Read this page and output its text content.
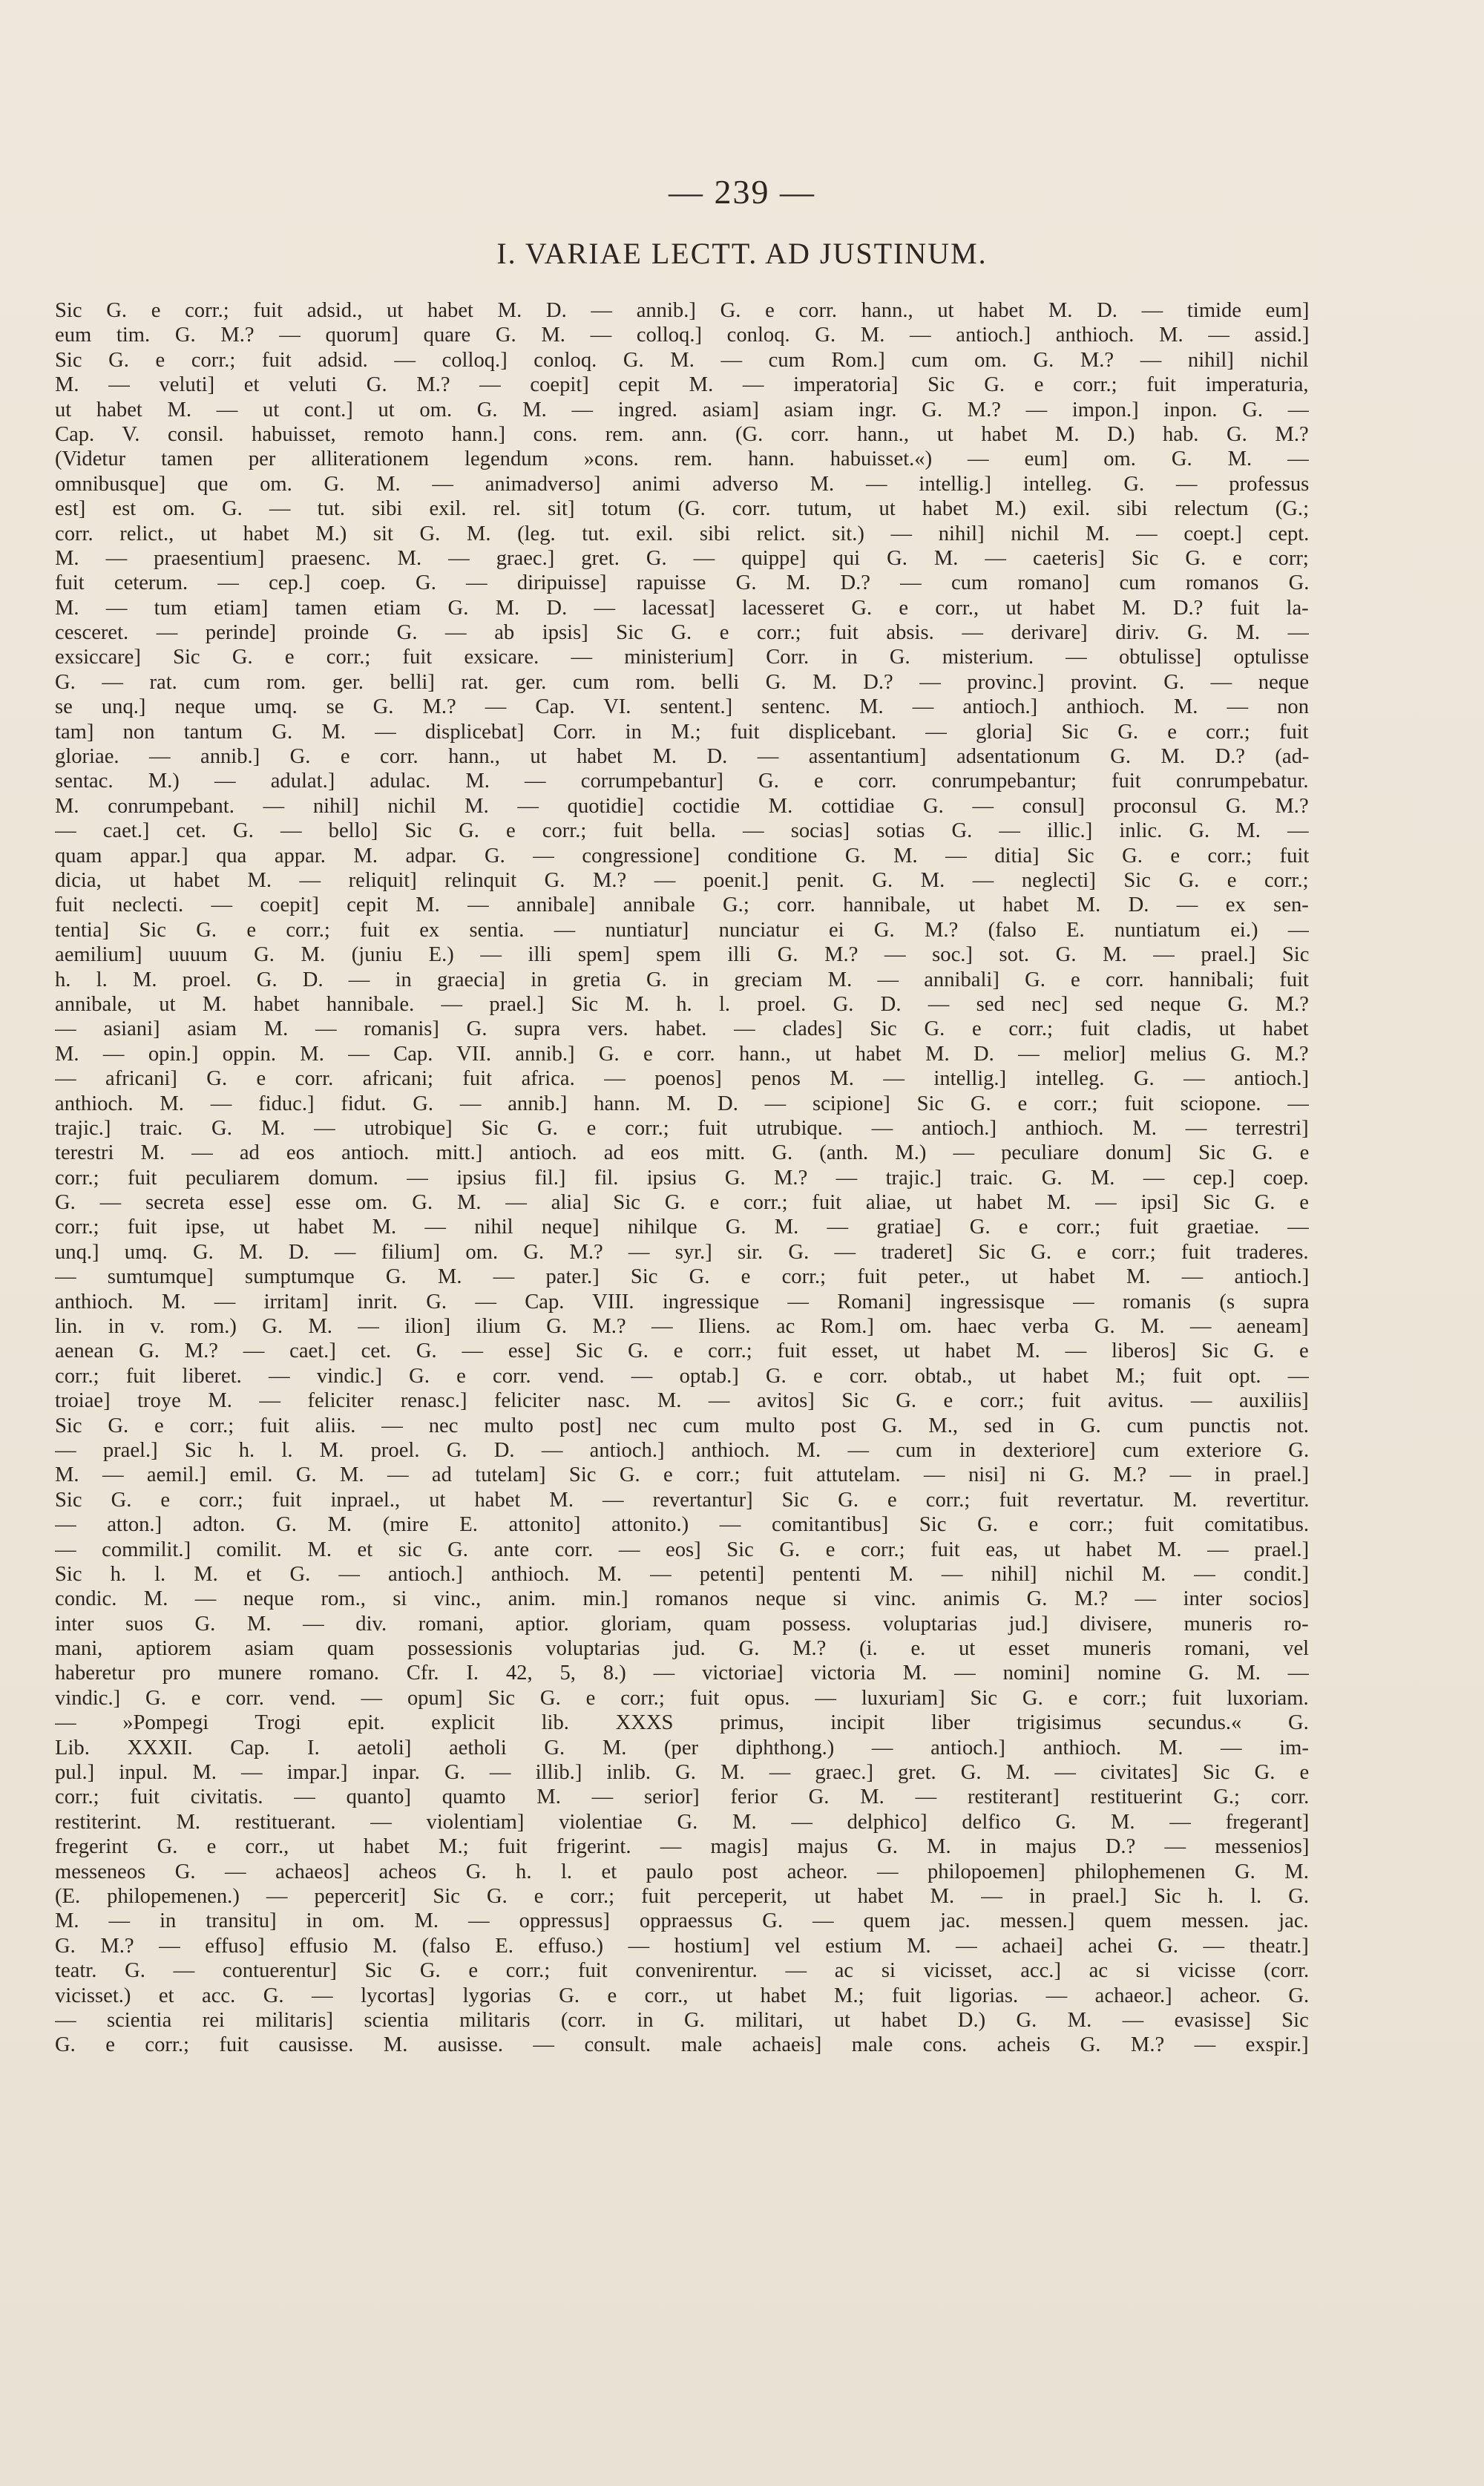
— 239 —
I. VARIAE LECTT. AD JUSTINUM.
Sic G. e corr.; fuit adsid., ut habet M. D. — annib.] G. e corr. hann., ut habet M. D. — timide eum]
eum tim. G. M.? — quorum] quare G. M. — colloq.] conloq. G. M. — antioch.] anthioch. M. — assid.]
Sic G. e corr.; fuit adsid. — colloq.] conloq. G. M. — cum Rom.] cum om. G. M.? — nihil] nichil
M. — veluti] et veluti G. M.? — coepit] cepit M. — imperatoria] Sic G. e corr.; fuit imperaturia,
ut habet M. — ut cont.] ut om. G. M. — ingred. asiam] asiam ingr. G. M.? — impon.] inpon. G. —
Cap. V. consil. habuisset, remoto hann.] cons. rem. ann. (G. corr. hann., ut habet M. D.) hab. G. M.?
(Videtur tamen per alliterationem legendum »cons. rem. hann. habuisset.«) — eum] om. G. M. —
omnibusque] que om. G. M. — animadverso] animi adverso M. — intellig.] intelleg. G. — professus
est] est om. G. — tut. sibi exil. rel. sit] totum (G. corr. tutum, ut habet M.) exil. sibi relectum (G.;
corr. relict., ut habet M.) sit G. M. (leg. tut. exil. sibi relict. sit.) — nihil] nichil M. — coept.] cept.
M. — praesentium] praesenc. M. — graec.] gret. G. — quippe] qui G. M. — caeteris] Sic G. e corr;
fuit ceterum. — cep.] coep. G. — diripuisse] rapuisse G. M. D.? — cum romano] cum romanos G.
M. — tum etiam] tamen etiam G. M. D. — lacessat] lacesseret G. e corr., ut habet M. D.? fuit la-
cesceret. — perinde] proinde G. — ab ipsis] Sic G. e corr.; fuit absis. — derivare] diriv. G. M. —
exsiccare] Sic G. e corr.; fuit exsicare. — ministerium] Corr. in G. misterium. — obtulisse] optulisse
G. — rat. cum rom. ger. belli] rat. ger. cum rom. belli G. M. D.? — provinc.] provint. G. — neque
se unq.] neque umq. se G. M.? — Cap. VI. sentent.] sentenc. M. — antioch.] anthioch. M. — non
tam] non tantum G. M. — displicebat] Corr. in M.; fuit displicebant. — gloria] Sic G. e corr.; fuit
gloriae. — annib.] G. e corr. hann., ut habet M. D. — assentantium] adsentationum G. M. D.? (ad-
sentac. M.) — adulat.] adulac. M. — corrumpebantur] G. e corr. conrumpebantur; fuit conrumpebatur.
M. conrumpebant. — nihil] nichil M. — quotidie] coctidie M. cottidiae G. — consul] proconsul G. M.?
— caet.] cet. G. — bello] Sic G. e corr.; fuit bella. — socias] sotias G. — illic.] inlic. G. M. —
quam appar.] qua appar. M. adpar. G. — congressione] conditione G. M. — ditia] Sic G. e corr.; fuit
dicia, ut habet M. — reliquit] relinquit G. M.? — poenit.] penit. G. M. — neglecti] Sic G. e corr.;
fuit neclecti. — coepit] cepit M. — annibale] annibale G.; corr. hannibale, ut habet M. D. — ex sen-
tentia] Sic G. e corr.; fuit ex sentia. — nuntiatur] nunciatur ei G. M.? (falso E. nuntiatum ei.) —
aemilium] uuuum G. M. (juniu E.) — illi spem] spem illi G. M.? — soc.] sot. G. M. — prael.] Sic
h. l. M. proel. G. D. — in graecia] in gretia G. in greciam M. — annibali] G. e corr. hannibali; fuit
annibale, ut M. habet hannibale. — prael.] Sic M. h. l. proel. G. D. — sed nec] sed neque G. M.?
— asiani] asiam M. — romanis] G. supra vers. habet. — clades] Sic G. e corr.; fuit cladis, ut habet
M. — opin.] oppin. M. — Cap. VII. annib.] G. e corr. hann., ut habet M. D. — melior] melius G. M.?
— africani] G. e corr. africani; fuit africa. — poenos] penos M. — intellig.] intelleg. G. — antioch.]
anthioch. M. — fiduc.] fidut. G. — annib.] hann. M. D. — scipione] Sic G. e corr.; fuit sciopone. —
trajic.] traic. G. M. — utrobique] Sic G. e corr.; fuit utrubique. — antioch.] anthioch. M. — terrestri]
terestri M. — ad eos antioch. mitt.] antioch. ad eos mitt. G. (anth. M.) — peculiare donum] Sic G. e
corr.; fuit peculiarem domum. — ipsius fil.] fil. ipsius G. M.? — trajic.] traic. G. M. — cep.] coep.
G. — secreta esse] esse om. G. M. — alia] Sic G. e corr.; fuit aliae, ut habet M. — ipsi] Sic G. e
corr.; fuit ipse, ut habet M. — nihil neque] nihilque G. M. — gratiae] G. e corr.; fuit graetiae. —
unq.] umq. G. M. D. — filium] om. G. M.? — syr.] sir. G. — traderet] Sic G. e corr.; fuit traderes.
— sumtumque] sumptumque G. M. — pater.] Sic G. e corr.; fuit peter., ut habet M. — antioch.]
anthioch. M. — irritam] inrit. G. — Cap. VIII. ingressique — Romani] ingressisque — romanis (s supra
lin. in v. rom.) G. M. — ilion] ilium G. M.? — Iliens. ac Rom.] om. haec verba G. M. — aeneam]
aenean G. M.? — caet.] cet. G. — esse] Sic G. e corr.; fuit esset, ut habet M. — liberos] Sic G. e
corr.; fuit liberet. — vindic.] G. e corr. vend. — optab.] G. e corr. obtab., ut habet M.; fuit opt. —
troiae] troye M. — feliciter renasc.] feliciter nasc. M. — avitos] Sic G. e corr.; fuit avitus. — auxiliis]
Sic G. e corr.; fuit aliis. — nec multo post] nec cum multo post G. M., sed in G. cum punctis not.
— prael.] Sic h. l. M. proel. G. D. — antioch.] anthioch. M. — cum in dexteriore] cum exteriore G.
M. — aemil.] emil. G. M. — ad tutelam] Sic G. e corr.; fuit attutelam. — nisi] ni G. M.? — in prael.]
Sic G. e corr.; fuit inprael., ut habet M. — revertantur] Sic G. e corr.; fuit revertatur. M. revertitur.
— atton.] adton. G. M. (mire E. attonito] attonito.) — comitantibus] Sic G. e corr.; fuit comitatibus.
— commilit.] comilit. M. et sic G. ante corr. — eos] Sic G. e corr.; fuit eas, ut habet M. — prael.]
Sic h. l. M. et G. — antioch.] anthioch. M. — petenti] pententi M. — nihil] nichil M. — condit.]
condic. M. — neque rom., si vinc., anim. min.] romanos neque si vinc. animis G. M.? — inter socios]
inter suos G. M. — div. romani, aptior. gloriam, quam possess. voluptarias jud.] divisere, muneris ro-
mani, aptiorem asiam quam possessionis voluptarias jud. G. M.? (i. e. ut esset muneris romani, vel
haberetur pro munere romano. Cfr. I. 42, 5, 8.) — victoriae] victoria M. — nomini] nomine G. M. —
vindic.] G. e corr. vend. — opum] Sic G. e corr.; fuit opus. — luxuriam] Sic G. e corr.; fuit luxoriam.
— »Pompegi Trogi epit. explicit lib. XXXS primus, incipit liber trigisimus secundus.« G.
Lib. XXXII. Cap. I. aetoli] aetholi G. M. (per diphthong.) — antioch.] anthioch. M. — im-
pul.] inpul. M. — impar.] inpar. G. — illib.] inlib. G. M. — graec.] gret. G. M. — civitates] Sic G. e
corr.; fuit civitatis. — quanto] quamto M. — serior] ferior G. M. — restiterant] restituerint G.; corr.
restiterint. M. restituerant. — violentiam] violentiae G. M. — delphico] delfico G. M. — fregerant]
fregerint G. e corr., ut habet M.; fuit frigerint. — magis] majus G. M. in majus D.? — messenios]
messeneos G. — achaeos] acheos G. h. l. et paulo post acheor. — philopoemen] philophemenen G. M.
(E. philopemenen.) — pepercerit] Sic G. e corr.; fuit perceperit, ut habet M. — in prael.] Sic h. l. G.
M. — in transitu] in om. M. — oppressus] oppraessus G. — quem jac. messen.] quem messen. jac.
G. M.? — effuso] effusio M. (falso E. effuso.) — hostium] vel estium M. — achaei] achei G. — theatr.]
teatr. G. — contuerentur] Sic G. e corr.; fuit convenirentur. — ac si vicisset, acc.] ac si vicisse (corr.
vicisset.) et acc. G. — lycortas] lygorias G. e corr., ut habet M.; fuit ligorias. — achaeor.] acheor. G.
— scientia rei militaris] scientia militaris (corr. in G. militari, ut habet D.) G. M. — evasisse] Sic
G. e corr.; fuit causisse. M. ausisse. — consult. male achaeis] male cons. acheis G. M.? — exspir.]
